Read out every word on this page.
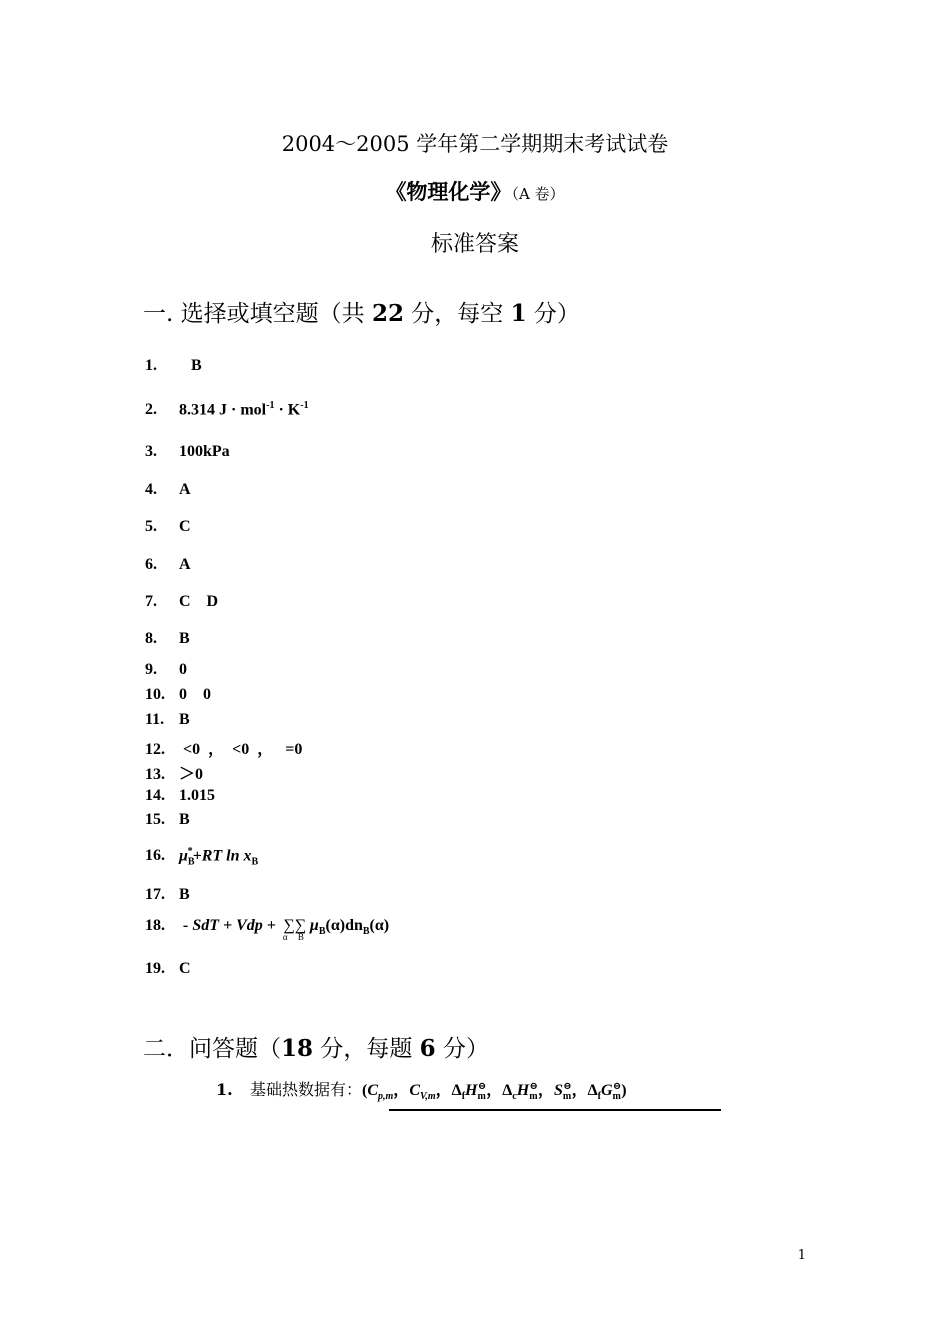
2004～2005 学年第二学期期末考试试卷
《物理化学》（A 卷）
标准答案
一. 选择或填空题（共 22 分，每空 1 分）
1.   B
2. 8.314 $J \cdot mol^{-1} \cdot K^{-1}$
3. 100kPa
4. A
5. C
6. A
7. C    D
8. B
9. 0
10. 0    0
11. B
12. <0  ，  <0  ，   =0
13. ＞0
14. 1.015
15. B
16. $\mu_B^*+RT$ $\ln x_B$
17. B
18. - SdT + Vdp + ∑∑
α B
$\mu_B(\alpha)dn_B(\alpha)$
19. C
二．问答题（18 分，每题 6 分）
1. 基础热数据有：($C_{p,m}$，$C_{V,m}$，$\Delta_fH_m^⊖$，$\Delta_cH_m^⊖$，$S_m^⊖$，$\Delta_fG_m^⊖$)
1
